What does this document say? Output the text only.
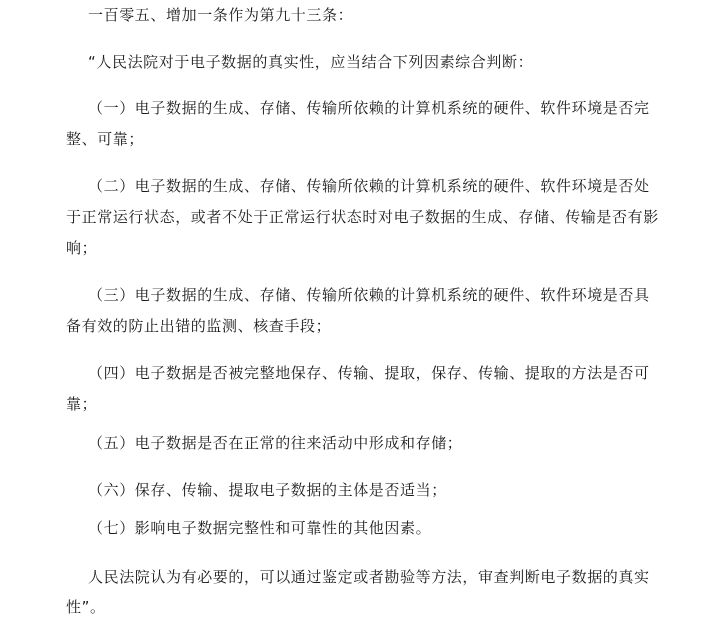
一百零五、增加一条作为第九十三条：
“人民法院对于电子数据的真实性，应当结合下列因素综合判断：
（一）电子数据的生成、存储、传输所依赖的计算机系统的硬件、软件环境是否完
整、可靠；
（二）电子数据的生成、存储、传输所依赖的计算机系统的硬件、软件环境是否处
于正常运行状态，或者不处于正常运行状态时对电子数据的生成、存储、传输是否有影
响；
（三）电子数据的生成、存储、传输所依赖的计算机系统的硬件、软件环境是否具
备有效的防止出错的监测、核查手段；
（四）电子数据是否被完整地保存、传输、提取，保存、传输、提取的方法是否可
靠；
（五）电子数据是否在正常的往来活动中形成和存储；
（六）保存、传输、提取电子数据的主体是否适当；
（七）影响电子数据完整性和可靠性的其他因素。
人民法院认为有必要的，可以通过鉴定或者勘验等方法，审查判断电子数据的真实
性”。
